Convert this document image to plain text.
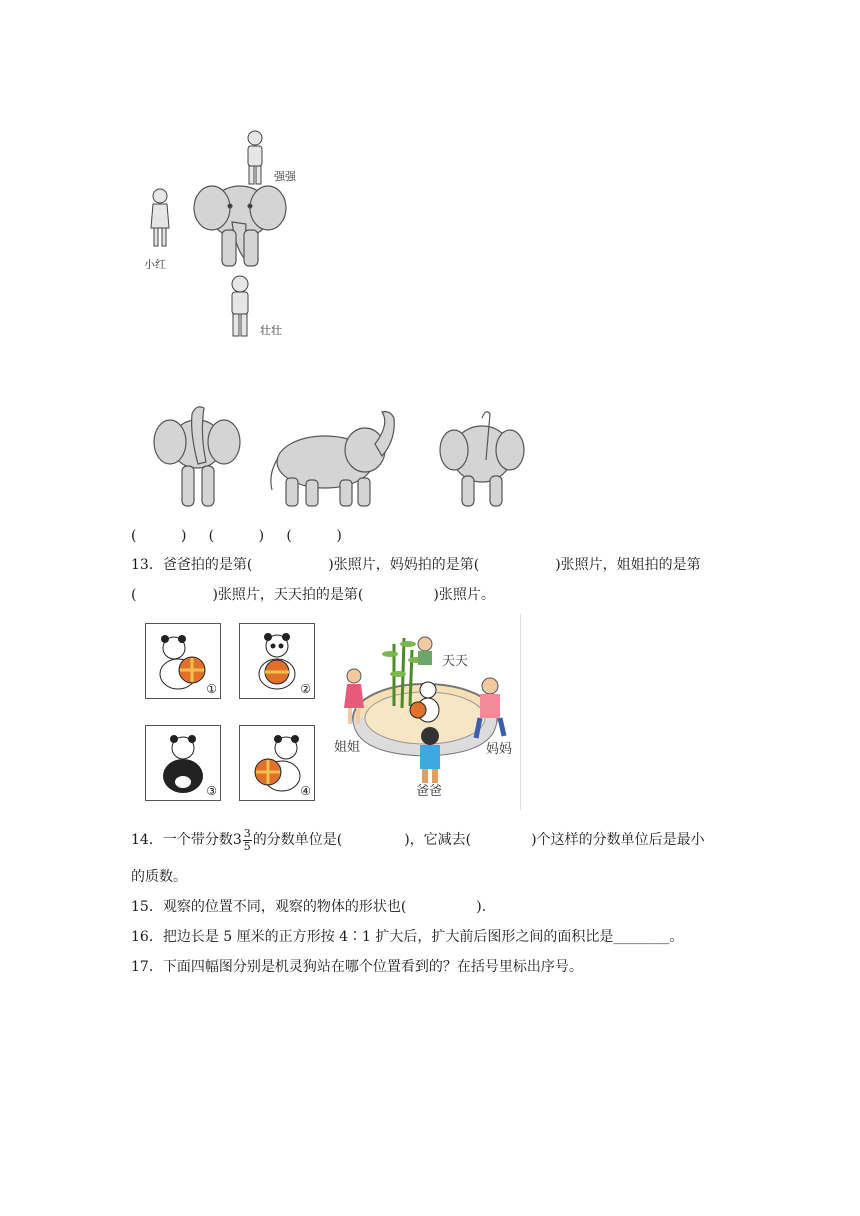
强强
小红
壮壮
(          )     (          )     (          )
13．爸爸拍的是第(	)张照片，妈妈拍的是第(	)张照片，姐姐拍的是第
(	)张照片，天天拍的是第(	)张照片。
①	②
③	④
天天
姐姐	妈妈
爸爸
14．一个带分数$3 \frac{3}{5}$ 的分数单位是(	)，它减去(	)个这样的分数单位后是最小
的质数。
15．观察的位置不同，观察的物体的形状也(	).
16．把边长是 5 厘米的正方形按 4∶1 扩大后，扩大前后图形之间的面积比是________。
17．下面四幅图分别是机灵狗站在哪个位置看到的？在括号里标出序号。
